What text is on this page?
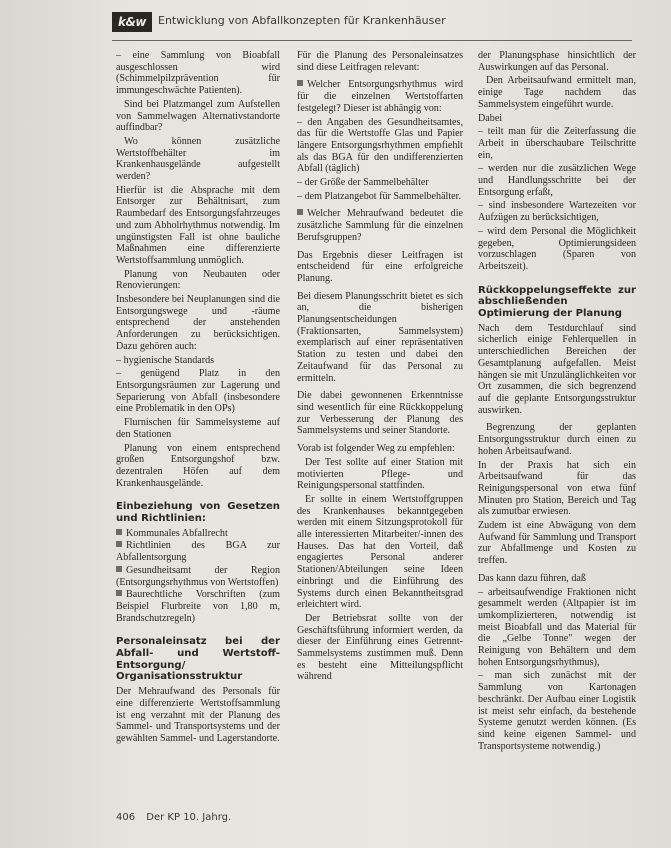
k&w	Entwicklung von Abfallkonzepten für Krankenhäuser

– eine Sammlung von Bioabfall ausgeschlossen wird (Schimmelpilzprävention für immungeschwächte Patienten).

Sind bei Platzmangel zum Aufstellen von Sammelwagen Alternativstandorte auffindbar?

Wo können zusätzliche Wertstoffbehälter im Krankenhausgelände aufgestellt werden?

Hierfür ist die Absprache mit dem Entsorger zur Behältnisart, zum Raumbedarf des Entsorgungsfahrzeuges und zum Abholrhythmus notwendig. Im ungünstigsten Fall ist ohne bauliche Maßnahmen eine differenzierte Wertstoffsammlung unmöglich.

Planung von Neubauten oder Renovierungen:

Insbesondere bei Neuplanungen sind die Entsorgungswege und -räume entsprechend der anstehenden Anforderungen zu berücksichtigen. Dazu gehören auch:

– hygienische Standards

– genügend Platz in den Entsorgungsräumen zur Lagerung und Separierung von Abfall (insbesondere eine Problematik in den OPs)

Flurnischen für Sammelsysteme auf den Stationen

Planung von einem entsprechend großen Entsorgungshof bzw. dezentralen Höfen auf dem Krankenhausgelände.

Einbeziehung von Gesetzen und Richtlinien:
Kommunales Abfallrecht
Richtlinien des BGA zur Abfallentsorgung
Gesundheitsamt der Region (Entsorgungsrhythmus von Wertstoffen)
Baurechtliche Vorschriften (zum Beispiel Flurbreite von 1,80 m, Brandschutzregeln)
Personaleinsatz bei der Abfall- und Wertstoff-Entsorgung/ Organisationsstruktur

Der Mehraufwand des Personals für eine differenzierte Wertstoffsammlung ist eng verzahnt mit der Planung des Sammel- und Transportsystems und der gewählten Sammel- und Lagerstandorte.

Für die Planung des Personaleinsatzes sind diese Leitfragen relevant:

Welcher Entsorgungsrhythmus wird für die einzelnen Wertstoffarten festgelegt? Dieser ist abhängig von:

– den Angaben des Gesundheitsamtes, das für die Wertstoffe Glas und Papier längere Entsorgungsrhythmen empfiehlt als das BGA für den undifferenzierten Abfall (täglich)

– der Größe der Sammelbehälter

– dem Platzangebot für Sammelbehälter.

Welcher Mehraufwand bedeutet die zusätzliche Sammlung für die einzelnen Berufsgruppen?

Das Ergebnis dieser Leitfragen ist entscheidend für eine erfolgreiche Planung.

Bei diesem Planungsschritt bietet es sich an, die bisherigen Planungsentscheidungen (Fraktionsarten, Sammelsystem) exemplarisch auf einer repräsentativen Station zu testen und dabei den Zeitaufwand für das Personal zu ermitteln.

Die dabei gewonnenen Erkenntnisse sind wesentlich für eine Rückkoppelung zur Verbesserung der Planung des Sammelsystems und seiner Standorte.

Vorab ist folgender Weg zu empfehlen:

Der Test sollte auf einer Station mit motivierten Pflege- und Reinigungspersonal stattfinden.

Er sollte in einem Wertstoffgruppen des Krankenhauses bekanntgegeben werden mit einem Sitzungsprotokoll für alle interessierten Mitarbeiter/-innen des Hauses. Das hat den Vorteil, daß engagiertes Personal anderer Stationen/Abteilungen seine Ideen einbringt und die Einführung des Systems durch einen Bekanntheitsgrad erleichtert wird.

Der Betriebsrat sollte von der Geschäftsführung informiert werden, da dieser der Einführung eines Getrennt-Sammelsystems zustimmen muß. Denn es besteht eine Mitteilungspflicht während

der Planungsphase hinsichtlich der Auswirkungen auf das Personal.

Den Arbeitsaufwand ermittelt man, einige Tage nachdem das Sammelsystem eingeführt wurde.

Dabei

– teilt man für die Zeiterfassung die Arbeit in überschaubare Teilschritte ein,

– werden nur die zusätzlichen Wege und Handlungsschritte bei der Entsorgung erfaßt,

– sind insbesondere Wartezeiten vor Aufzügen zu berücksichtigen,

– wird dem Personal die Möglichkeit gegeben, Optimierungsideen vorzuschlagen (Sparen von Arbeitszeit).

Rückkoppelungseffekte zur abschließenden Optimierung der Planung

Nach dem Testdurchlauf sind sicherlich einige Fehlerquellen in unterschiedlichen Bereichen der Gesamtplanung aufgefallen. Meist hängen sie mit Unzulänglichkeiten vor Ort zusammen, die sich begrenzend auf die geplante Entsorgungsstruktur auswirken.

Begrenzung der geplanten Entsorgungsstruktur durch einen zu hohen Arbeitsaufwand.

In der Praxis hat sich ein Arbeitsaufwand für das Reinigungspersonal von etwa fünf Minuten pro Station, Bereich und Tag als zumutbar erwiesen.

Zudem ist eine Abwägung von dem Aufwand für Sammlung und Transport zur Abfallmenge und Kosten zu treffen.

Das kann dazu führen, daß

– arbeitsaufwendige Fraktionen nicht gesammelt werden (Altpapier ist im umkomplizierteren, notwendig ist meist Bioabfall und das Material für die „Gelbe Tonne" wegen der Reinigung von Behältern und dem hohen Entsorgungsrhythmus),

– man sich zunächst mit der Sammlung von Kartonagen beschränkt. Der Aufbau einer Logistik ist meist sehr einfach, da bestehende Systeme genutzt werden können. (Es sind keine eigenen Sammel- und Transportsysteme notwendig.)

406 Der KP 10. Jahrg.
